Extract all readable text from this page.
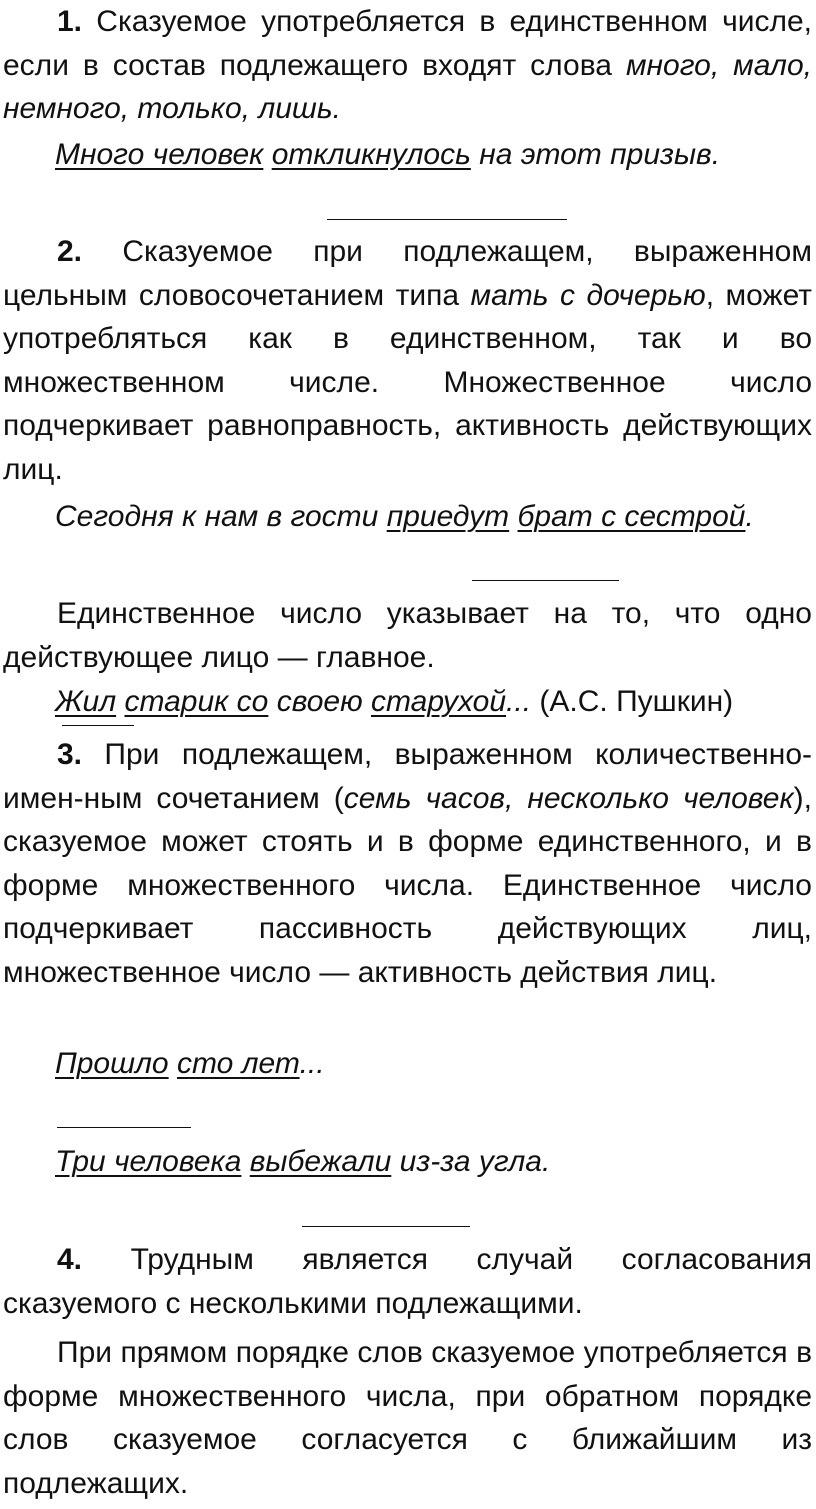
1. Сказуемое употребляется в единственном числе, если в состав подлежащего входят слова много, мало, немного, только, лишь.
Много человек откликнулось на этот призыв.
2. Сказуемое при подлежащем, выраженном цельным словосочетанием типа мать с дочерью, может употребляться как в единственном, так и во множественном числе. Множественное число подчеркивает равноправность, активность действующих лиц.
Сегодня к нам в гости приедут брат с сестрой.
Единственное число указывает на то, что одно действующее лицо — главное.
Жил старик со своею старухой... (А.С. Пушкин)
3. При подлежащем, выраженном количественно-имен-ным сочетанием (семь часов, несколько человек), сказуемое может стоять и в форме единственного, и в форме множественного числа. Единственное число подчеркивает пассивность действующих лиц, множественное число — активность действия лиц.
Прошло сто лет...
Три человека выбежали из-за угла.
4. Трудным является случай согласования сказуемого с несколькими подлежащими.
При прямом порядке слов сказуемое употребляется в форме множественного числа, при обратном порядке слов сказуемое согласуется с ближайшим из подлежащих.
